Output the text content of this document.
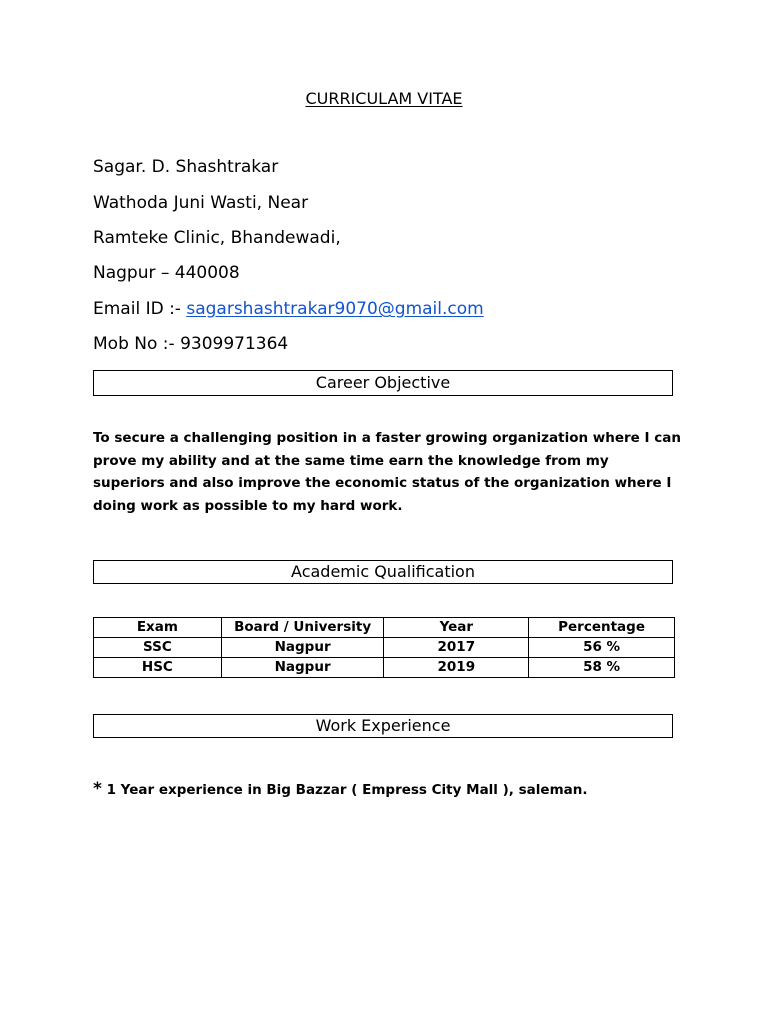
CURRICULAM VITAE
Sagar. D. Shashtrakar
Wathoda Juni Wasti, Near
Ramteke Clinic, Bhandewadi,
Nagpur – 440008
Email ID :- sagarshashtrakar9070@gmail.com
Mob No :- 9309971364
Career Objective
To secure a challenging position in a faster growing organization where I can prove my ability and at the same time earn the knowledge from my superiors and also improve the economic status of the organization where I doing work as possible to my hard work.
Academic Qualification
Exam	Board / University	Year	Percentage
SSC	Nagpur	2017	56 %
HSC	Nagpur	2019	58 %
Work Experience
* 1 Year experience in Big Bazzar ( Empress City Mall ), saleman.
